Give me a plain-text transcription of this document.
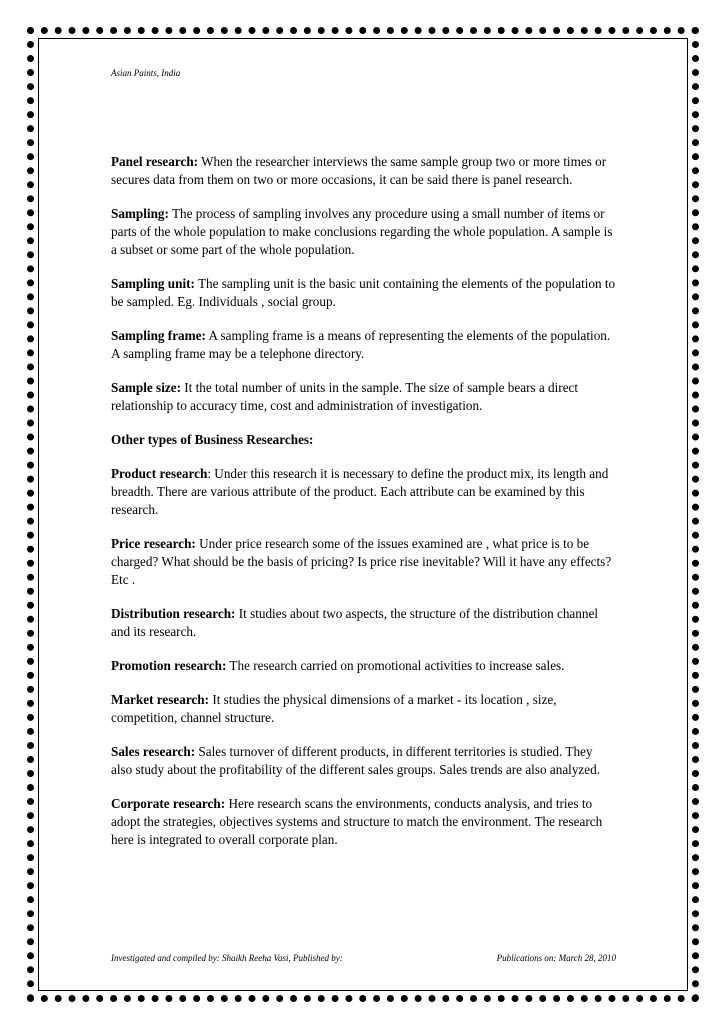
Asian Paints, India

Panel research: When the researcher interviews the same sample group two or more times or secures data from them on two or more occasions, it can be said there is panel research.

Sampling: The process of sampling involves any procedure using a small number of items or parts of the whole population to make conclusions regarding the whole population. A sample is a subset or some part of the whole population.

Sampling unit: The sampling unit is the basic unit containing the elements of the population to be sampled. Eg. Individuals , social group.

Sampling frame: A sampling frame is a means of representing the elements of the population. A sampling frame may be a telephone directory.

Sample size: It the total number of units in the sample. The size of sample bears a direct relationship to accuracy time, cost and administration of investigation.

Other types of Business Researches:

Product research: Under this research it is necessary to define the product mix, its length and breadth. There are various attribute of the product. Each attribute can be examined by this research.

Price research: Under price research some of the issues examined are , what price is to be charged? What should be the basis of pricing? Is price rise inevitable? Will it have any effects? Etc .

Distribution research: It studies about two aspects, the structure of the distribution channel and its research.

Promotion research: The research carried on promotional activities to increase sales.

Market research: It studies the physical dimensions of a market - its location , size, competition, channel structure.

Sales research: Sales turnover of different products, in different territories is studied. They also study about the profitability of the different sales groups. Sales trends are also analyzed.

Corporate research: Here research scans the environments, conducts analysis, and tries to adopt the strategies, objectives systems and structure to match the environment. The research here is integrated to overall corporate plan.

Investigated and compiled by: Shaikh Reeha Vasi, Published by:	Publications on: March 28, 2010
